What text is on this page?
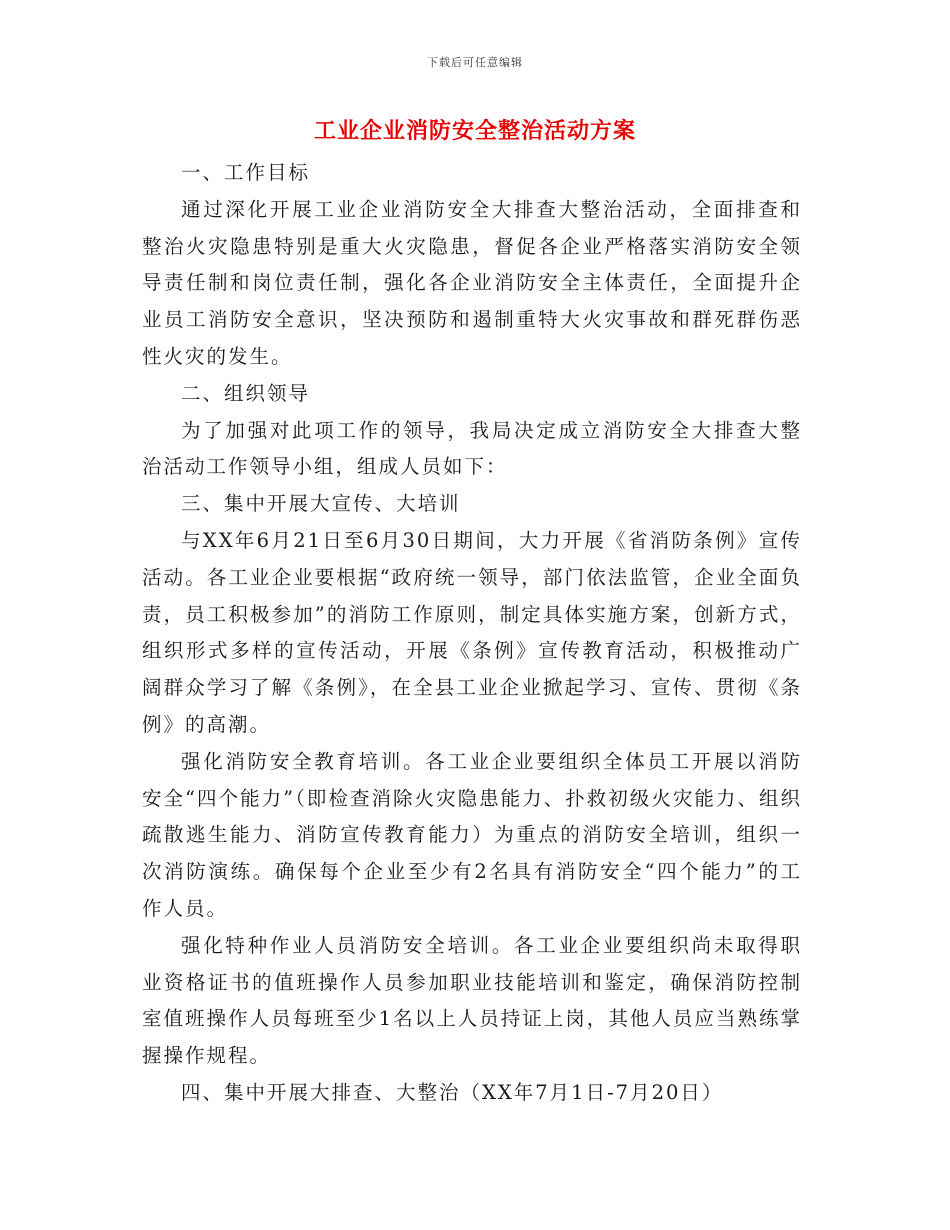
下载后可任意编辑
工业企业消防安全整治活动方案

一、工作目标

通过深化开展工业企业消防安全大排查大整治活动，全面排查和整治火灾隐患特别是重大火灾隐患，督促各企业严格落实消防安全领导责任制和岗位责任制，强化各企业消防安全主体责任，全面提升企业员工消防安全意识，坚决预防和遏制重特大火灾事故和群死群伤恶性火灾的发生。

二、组织领导

为了加强对此项工作的领导，我局决定成立消防安全大排查大整治活动工作领导小组，组成人员如下：

三、集中开展大宣传、大培训

与XX年6月21日至6月30日期间，大力开展《省消防条例》宣传活动。各工业企业要根据“政府统一领导，部门依法监管，企业全面负责，员工积极参加”的消防工作原则，制定具体实施方案，创新方式，组织形式多样的宣传活动，开展《条例》宣传教育活动，积极推动广阔群众学习了解《条例》，在全县工业企业掀起学习、宣传、贯彻《条例》的高潮。

强化消防安全教育培训。各工业企业要组织全体员工开展以消防安全“四个能力”（即检查消除火灾隐患能力、扑救初级火灾能力、组织疏散逃生能力、消防宣传教育能力）为重点的消防安全培训，组织一次消防演练。确保每个企业至少有2名具有消防安全“四个能力”的工作人员。

强化特种作业人员消防安全培训。各工业企业要组织尚未取得职业资格证书的值班操作人员参加职业技能培训和鉴定，确保消防控制室值班操作人员每班至少1名以上人员持证上岗，其他人员应当熟练掌握操作规程。

四、集中开展大排查、大整治（XX年7月1日-7月20日）
